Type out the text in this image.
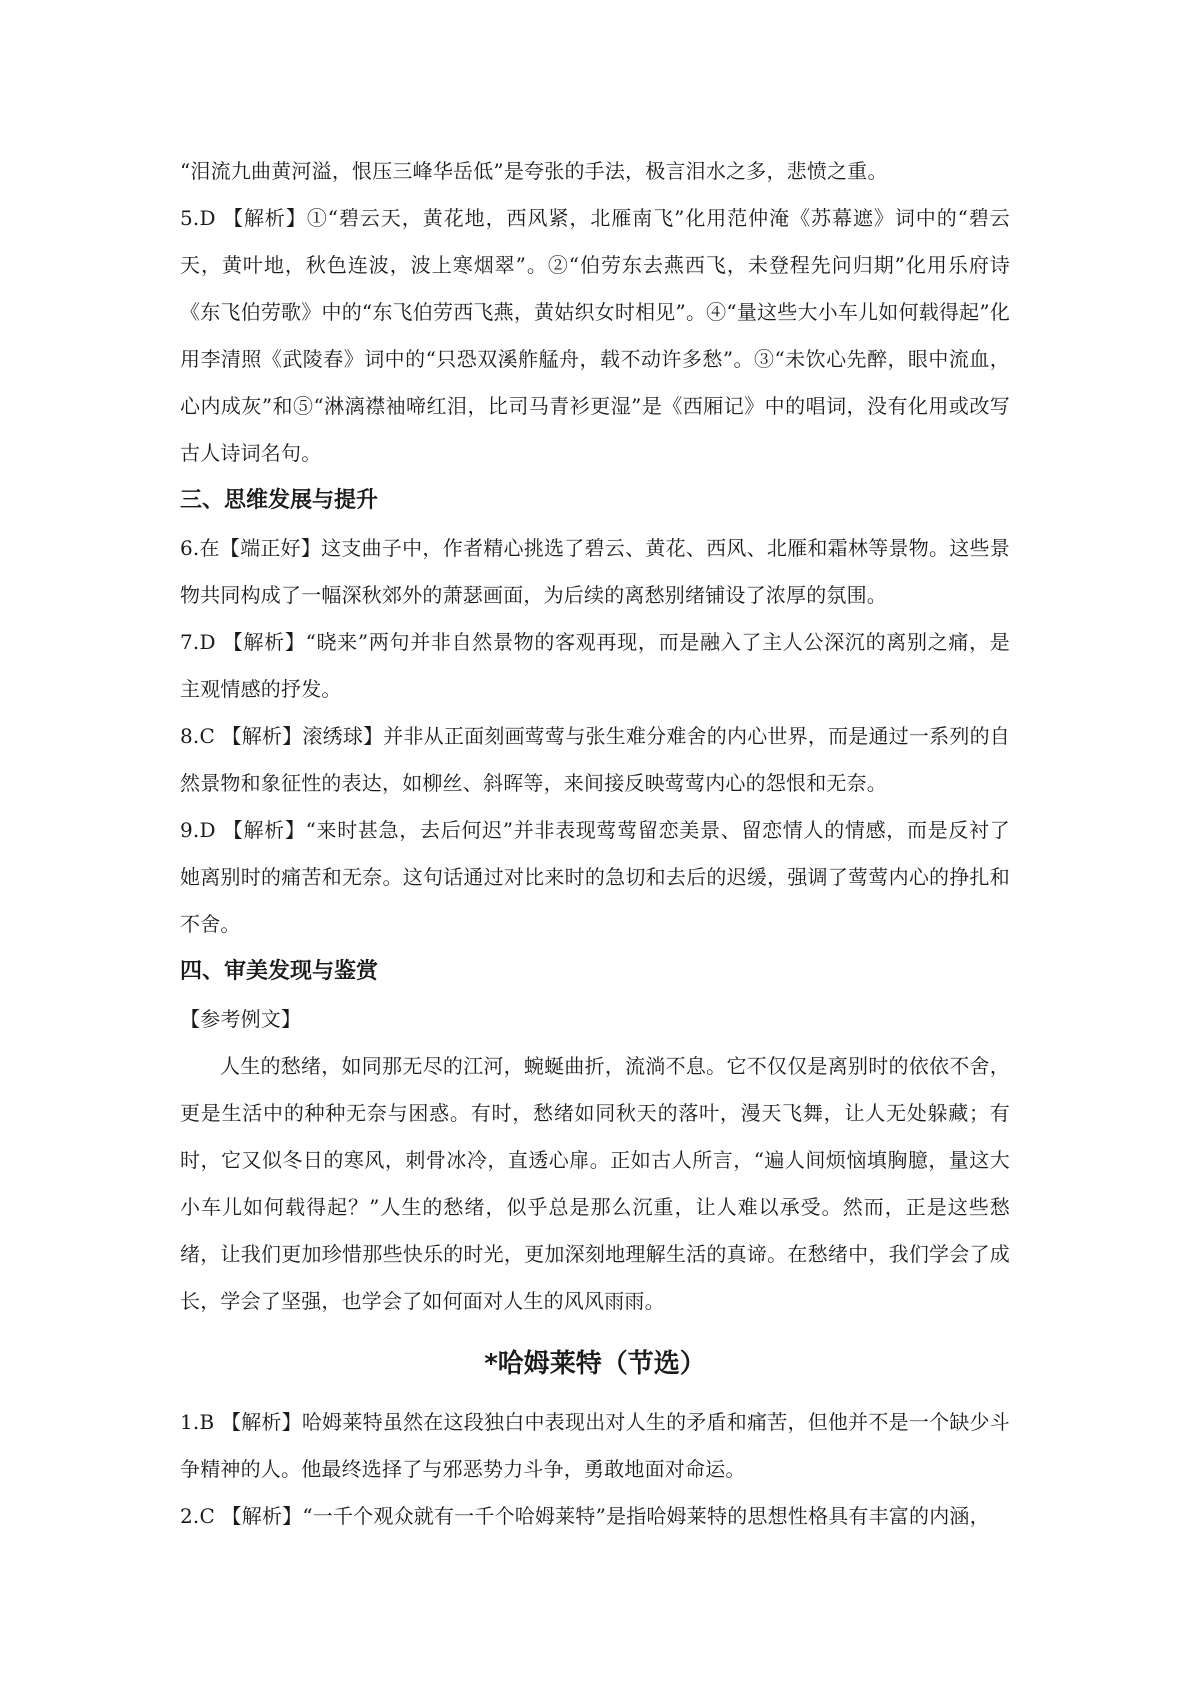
“泪流九曲黄河溢，恨压三峰华岳低”是夸张的手法，极言泪水之多，悲愤之重。

5.D 【解析】①“碧云天，黄花地，西风紧，北雁南飞”化用范仲淹《苏幕遮》词中的“碧云天，黄叶地，秋色连波，波上寒烟翠”。②“伯劳东去燕西飞，未登程先问归期”化用乐府诗《东飞伯劳歌》中的“东飞伯劳西飞燕，黄姑织女时相见”。④“量这些大小车儿如何载得起”化用李清照《武陵春》词中的“只恐双溪舴艋舟，载不动许多愁”。③“未饮心先醉，眼中流血，心内成灰”和⑤“淋漓襟袖啼红泪，比司马青衫更湿”是《西厢记》中的唱词，没有化用或改写古人诗词名句。

三、思维发展与提升

6.在【端正好】这支曲子中，作者精心挑选了碧云、黄花、西风、北雁和霜林等景物。这些景物共同构成了一幅深秋郊外的萧瑟画面，为后续的离愁别绪铺设了浓厚的氛围。

7.D 【解析】“晓来”两句并非自然景物的客观再现，而是融入了主人公深沉的离别之痛，是主观情感的抒发。

8.C 【解析】滚绣球】并非从正面刻画莺莺与张生难分难舍的内心世界，而是通过一系列的自然景物和象征性的表达，如柳丝、斜晖等，来间接反映莺莺内心的怨恨和无奈。

9.D 【解析】“来时甚急，去后何迟”并非表现莺莺留恋美景、留恋情人的情感，而是反衬了她离别时的痛苦和无奈。这句话通过对比来时的急切和去后的迟缓，强调了莺莺内心的挣扎和不舍。

四、审美发现与鉴赏

【参考例文】

人生的愁绪，如同那无尽的江河，蜿蜒曲折，流淌不息。它不仅仅是离别时的依依不舍，更是生活中的种种无奈与困惑。有时，愁绪如同秋天的落叶，漫天飞舞，让人无处躲藏；有时，它又似冬日的寒风，刺骨冰冷，直透心扉。正如古人所言，“遍人间烦恼填胸臆，量这大小车儿如何载得起？”人生的愁绪，似乎总是那么沉重，让人难以承受。然而，正是这些愁绪，让我们更加珍惜那些快乐的时光，更加深刻地理解生活的真谛。在愁绪中，我们学会了成长，学会了坚强，也学会了如何面对人生的风风雨雨。

*哈姆莱特（节选）

1.B 【解析】哈姆莱特虽然在这段独白中表现出对人生的矛盾和痛苦，但他并不是一个缺少斗争精神的人。他最终选择了与邪恶势力斗争，勇敢地面对命运。

2.C 【解析】“一千个观众就有一千个哈姆莱特”是指哈姆莱特的思想性格具有丰富的内涵，
